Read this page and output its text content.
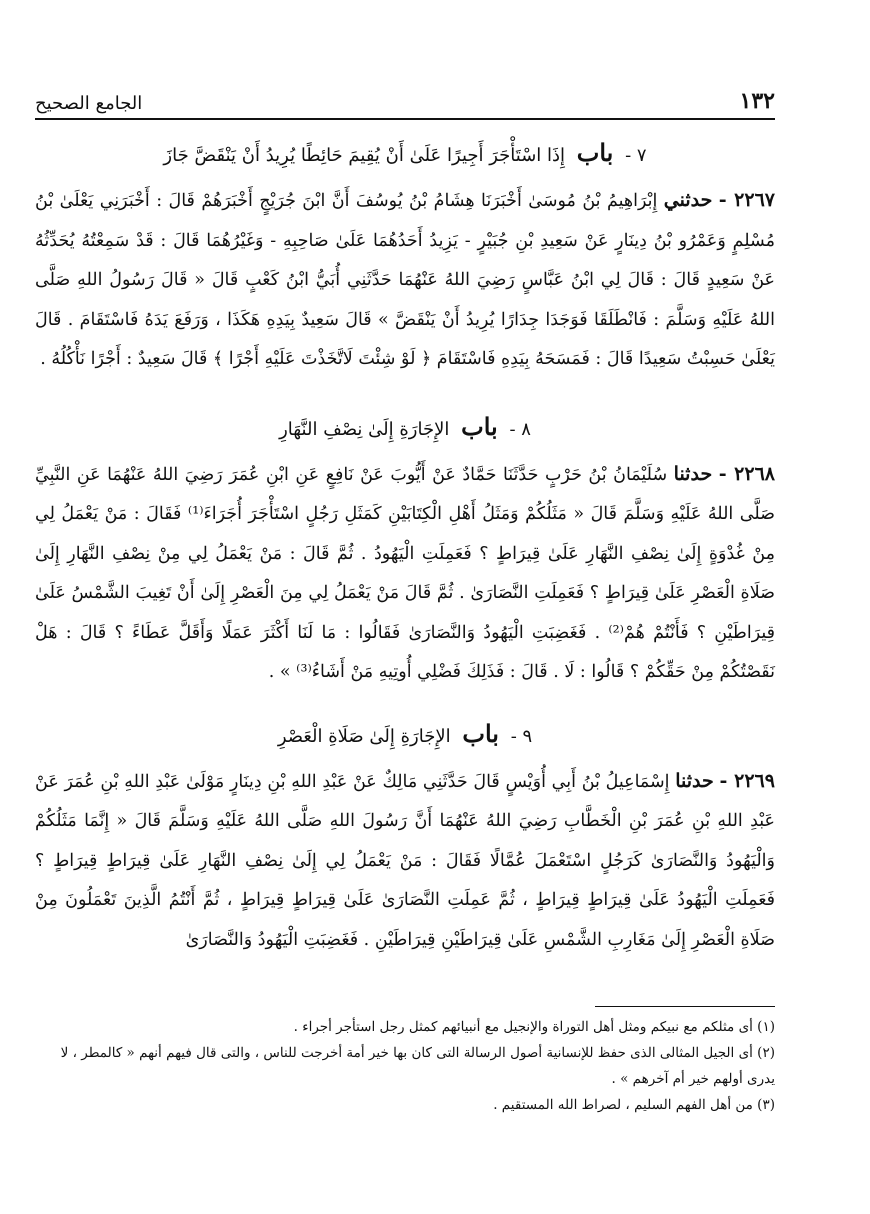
١٣٢
الجامع الصحيح
٧ - باب إِذَا اسْتَأْجَرَ أَجِيرًا عَلَىٰ أَنْ يُقِيمَ حَائِطًا يُرِيدُ أَنْ يَنْقَضَّ جَازَ

٢٢٦٧ - حدثني إِبْرَاهِيمُ بْنُ مُوسَىٰ أَخْبَرَنَا هِشَامُ بْنُ يُوسُفَ أَنَّ ابْنَ جُرَيْجٍ أَخْبَرَهُمْ قَالَ : أَخْبَرَنِي يَعْلَىٰ بْنُ مُسْلِمٍ وَعَمْرُو بْنُ دِينَارٍ عَنْ سَعِيدِ بْنِ جُبَيْرٍ - يَزِيدُ أَحَدُهُمَا عَلَىٰ صَاحِبِهِ - وَغَيْرُهُمَا قَالَ : قَدْ سَمِعْتُهُ يُحَدِّثُهُ عَنْ سَعِيدٍ قَالَ : قَالَ لِي ابْنُ عَبَّاسٍ رَضِيَ اللهُ عَنْهُمَا حَدَّثَنِي أُبَيُّ ابْنُ كَعْبٍ قَالَ « قَالَ رَسُولُ اللهِ صَلَّى اللهُ عَلَيْهِ وَسَلَّمَ : فَانْطَلَقَا فَوَجَدَا جِدَارًا يُرِيدُ أَنْ يَنْقَضَّ » قَالَ سَعِيدٌ بِيَدِهِ هَكَذَا ، وَرَفَعَ يَدَهُ فَاسْتَقَامَ . قَالَ يَعْلَىٰ حَسِبْتُ سَعِيدًا قَالَ : فَمَسَحَهُ بِيَدِهِ فَاسْتَقَامَ ﴿ لَوْ شِئْتَ لَاتَّخَذْتَ عَلَيْهِ أَجْرًا ﴾ قَالَ سَعِيدٌ : أَجْرًا نَأْكُلُهُ .

٨ - باب الإِجَارَةِ إِلَىٰ نِصْفِ النَّهَارِ

٢٢٦٨ - حدثنا سُلَيْمَانُ بْنُ حَرْبٍ حَدَّثَنَا حَمَّادٌ عَنْ أَيُّوبَ عَنْ نَافِعٍ عَنِ ابْنِ عُمَرَ رَضِيَ اللهُ عَنْهُمَا عَنِ النَّبِيِّ صَلَّى اللهُ عَلَيْهِ وَسَلَّمَ قَالَ « مَثَلُكُمْ وَمَثَلُ أَهْلِ الْكِتَابَيْنِ كَمَثَلِ رَجُلٍ اسْتَأْجَرَ أُجَرَاءَ⁽¹⁾ فَقَالَ : مَنْ يَعْمَلُ لِي مِنْ غُدْوَةٍ إِلَىٰ نِصْفِ النَّهَارِ عَلَىٰ قِيرَاطٍ ؟ فَعَمِلَتِ الْيَهُودُ . ثُمَّ قَالَ : مَنْ يَعْمَلُ لِي مِنْ نِصْفِ النَّهَارِ إِلَىٰ صَلَاةِ الْعَصْرِ عَلَىٰ قِيرَاطٍ ؟ فَعَمِلَتِ النَّصَارَىٰ . ثُمَّ قَالَ مَنْ يَعْمَلُ لِي مِنَ الْعَصْرِ إِلَىٰ أَنْ تَغِيبَ الشَّمْسُ عَلَىٰ قِيرَاطَيْنِ ؟ فَأَنْتُمْ هُمْ⁽²⁾ . فَغَضِبَتِ الْيَهُودُ وَالنَّصَارَىٰ فَقَالُوا : مَا لَنَا أَكْثَرَ عَمَلًا وَأَقَلَّ عَطَاءً ؟ قَالَ : هَلْ نَقَصْتُكُمْ مِنْ حَقِّكُمْ ؟ قَالُوا : لَا . قَالَ : فَذَلِكَ فَضْلِي أُوتِيهِ مَنْ أَشَاءُ⁽³⁾ » .

٩ - باب الإِجَارَةِ إِلَىٰ صَلَاةِ الْعَصْرِ

٢٢٦٩ - حدثنا إِسْمَاعِيلُ بْنُ أَبِي أُوَيْسٍ قَالَ حَدَّثَنِي مَالِكٌ عَنْ عَبْدِ اللهِ بْنِ دِينَارٍ مَوْلَىٰ عَبْدِ اللهِ بْنِ عُمَرَ عَنْ عَبْدِ اللهِ بْنِ عُمَرَ بْنِ الْخَطَّابِ رَضِيَ اللهُ عَنْهُمَا أَنَّ رَسُولَ اللهِ صَلَّى اللهُ عَلَيْهِ وَسَلَّمَ قَالَ « إِنَّمَا مَثَلُكُمْ وَالْيَهُودُ وَالنَّصَارَىٰ كَرَجُلٍ اسْتَعْمَلَ عُمَّالًا فَقَالَ : مَنْ يَعْمَلُ لِي إِلَىٰ نِصْفِ النَّهَارِ عَلَىٰ قِيرَاطٍ قِيرَاطٍ ؟ فَعَمِلَتِ الْيَهُودُ عَلَىٰ قِيرَاطٍ قِيرَاطٍ ، ثُمَّ عَمِلَتِ النَّصَارَىٰ عَلَىٰ قِيرَاطٍ قِيرَاطٍ ، ثُمَّ أَنْتُمُ الَّذِينَ تَعْمَلُونَ مِنْ صَلَاةِ الْعَصْرِ إِلَىٰ مَغَارِبِ الشَّمْسِ عَلَىٰ قِيرَاطَيْنِ قِيرَاطَيْنِ . فَغَضِبَتِ الْيَهُودُ وَالنَّصَارَىٰ

(١) أى مثلكم مع نبيكم ومثل أهل التوراة والإنجيل مع أنبيائهم كمثل رجل استأجر أجراء .

(٢) أى الجيل المثالى الذى حفظ للإنسانية أصول الرسالة التى كان بها خير أمة أخرجت للناس ، والتى قال فيهم أنهم « كالمطر ، لا يدرى أولهم خير أم آخرهم » .

(٣) من أهل الفهم السليم ، لصراط الله المستقيم .
